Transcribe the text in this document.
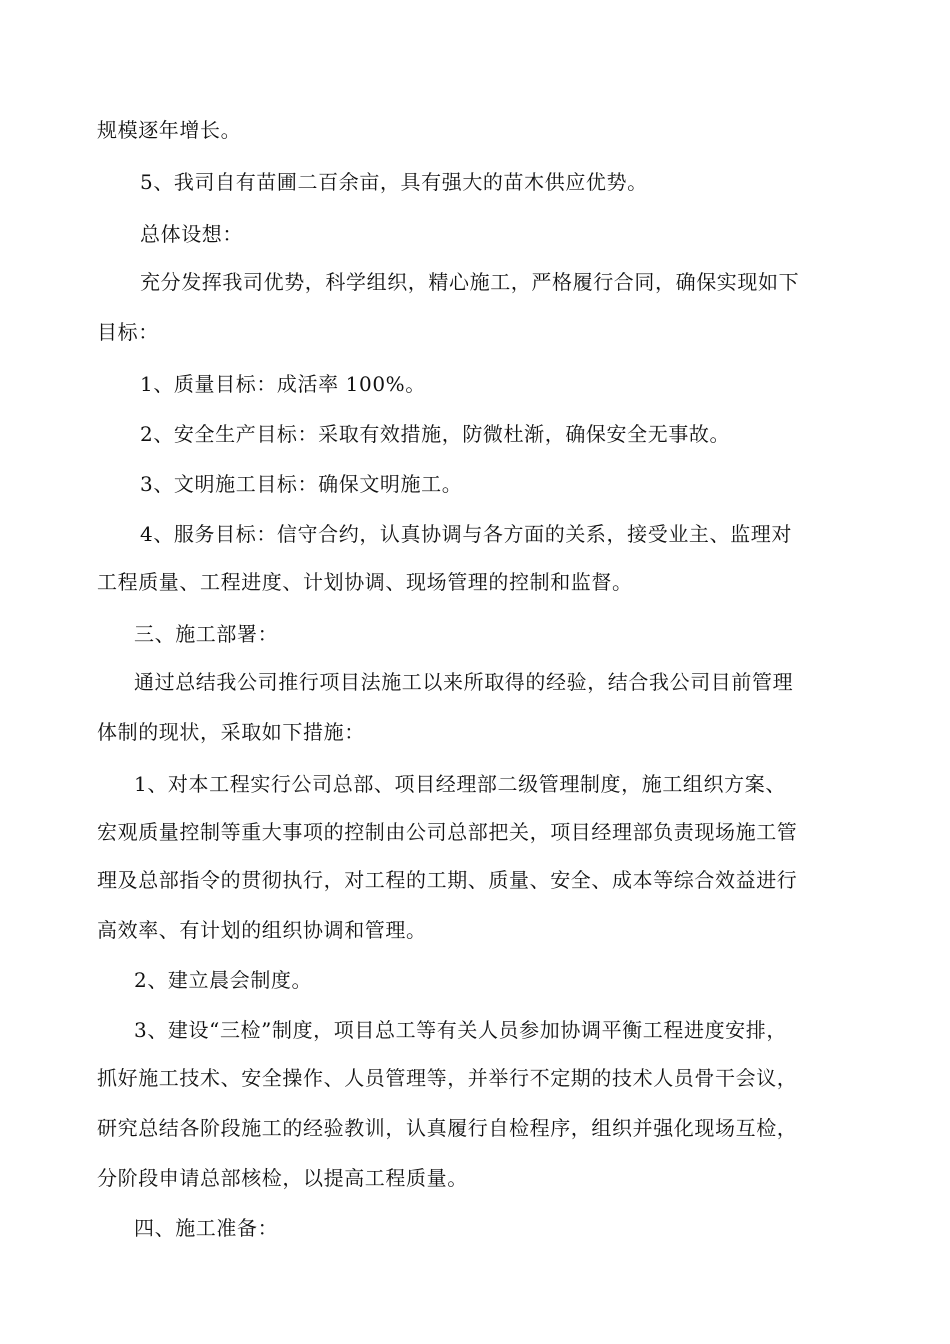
规模逐年增长。

5、我司自有苗圃二百余亩，具有强大的苗木供应优势。

总体设想：

充分发挥我司优势，科学组织，精心施工，严格履行合同，确保实现如下

目标：

1、质量目标：成活率 100%。

2、安全生产目标：采取有效措施，防微杜渐，确保安全无事故。

3、文明施工目标：确保文明施工。

4、服务目标：信守合约，认真协调与各方面的关系，接受业主、监理对

工程质量、工程进度、计划协调、现场管理的控制和监督。

三、施工部署：

通过总结我公司推行项目法施工以来所取得的经验，结合我公司目前管理

体制的现状，采取如下措施：

1、对本工程实行公司总部、项目经理部二级管理制度，施工组织方案、

宏观质量控制等重大事项的控制由公司总部把关，项目经理部负责现场施工管

理及总部指令的贯彻执行，对工程的工期、质量、安全、成本等综合效益进行

高效率、有计划的组织协调和管理。

2、建立晨会制度。

3、建设“三检”制度，项目总工等有关人员参加协调平衡工程进度安排，

抓好施工技术、安全操作、人员管理等，并举行不定期的技术人员骨干会议，

研究总结各阶段施工的经验教训，认真履行自检程序，组织并强化现场互检，

分阶段申请总部核检，以提高工程质量。

四、施工准备：
